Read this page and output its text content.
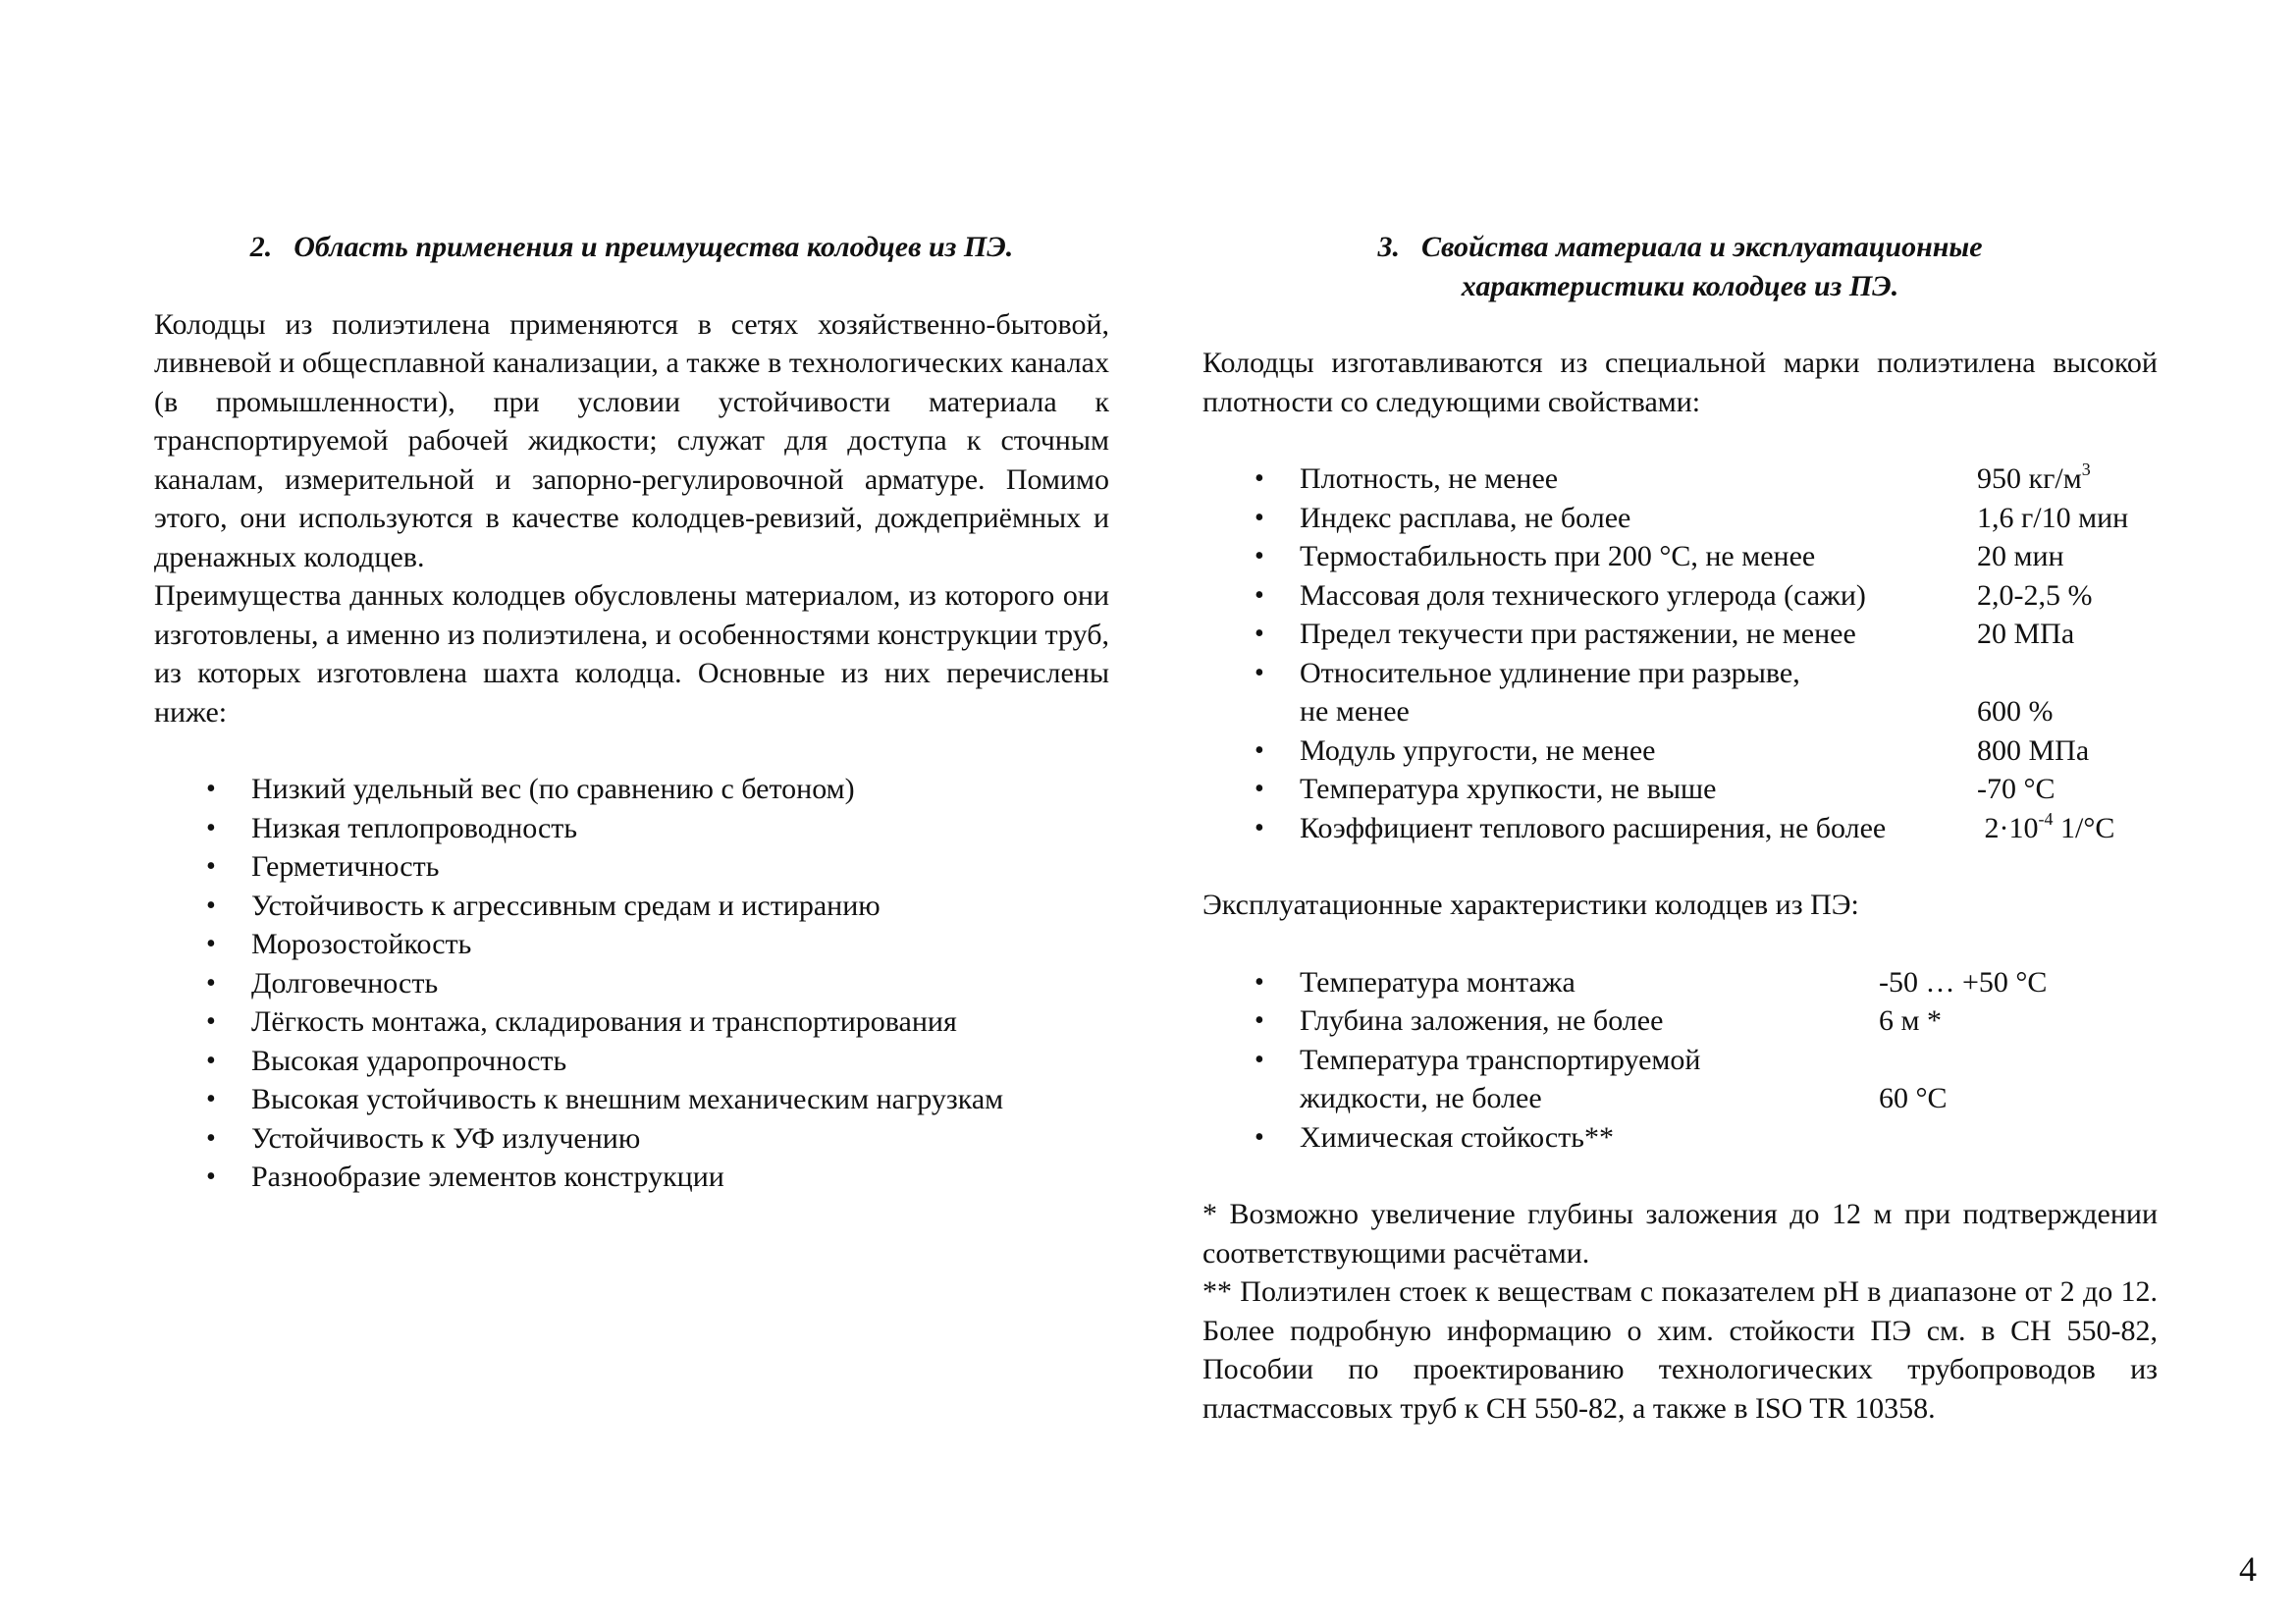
2. Область применения и преимущества колодцев из ПЭ.

Колодцы из полиэтилена применяются в сетях хозяйственно-бытовой, ливневой и общесплавной канализации, а также в технологических каналах (в промышленности), при условии устойчивости материала к транспортируемой рабочей жидкости; служат для доступа к сточным каналам, измерительной и запорно-регулировочной арматуре. Помимо этого, они используются в качестве колодцев-ревизий, дождеприёмных и дренажных колодцев.

Преимущества данных колодцев обусловлены материалом, из которого они изготовлены, а именно из полиэтилена, и особенностями конструкции труб, из которых изготовлена шахта колодца. Основные из них перечислены ниже:

• Низкий удельный вес (по сравнению с бетоном)
• Низкая теплопроводность
• Герметичность
• Устойчивость к агрессивным средам и истиранию
• Морозостойкость
• Долговечность
• Лёгкость монтажа, складирования и транспортирования
• Высокая ударопрочность
• Высокая устойчивость к внешним механическим нагрузкам
• Устойчивость к УФ излучению
• Разнообразие элементов конструкции

3. Свойства материала и эксплуатационные
характеристики колодцев из ПЭ.

Колодцы изготавливаются из специальной марки полиэтилена высокой плотности со следующими свойствами:

• Плотность, не менее	950 $кг/м^3$
• Индекс расплава, не более	1,6 г/10 мин
• Термостабильность при 200 °С, не менее	20 мин
• Массовая доля технического углерода (сажи)	2,0-2,5 %
• Предел текучести при растяжении, не менее	20 МПа
• Относительное удлинение при разрыве,
не менее	600 %
• Модуль упругости, не менее	800 МПа
• Температура хрупкости, не выше	-70 °С
• Коэффициент теплового расширения, не более	$2\cdot 10^{-4}$ 1/°С

Эксплуатационные характеристики колодцев из ПЭ:

• Температура монтажа	-50 … +50 °С
• Глубина заложения, не более	6 м *
• Температура транспортируемой
жидкости, не более	60 °С
• Химическая стойкость**

* Возможно увеличение глубины заложения до 12 м при подтверждении соответствующими расчётами.

** Полиэтилен стоек к веществам с показателем рН в диапазоне от 2 до 12. Более подробную информацию о хим. стойкости ПЭ см. в СН 550-82, Пособии по проектированию технологических трубопроводов из пластмассовых труб к СН 550-82, а также в ISO TR 10358.

4
